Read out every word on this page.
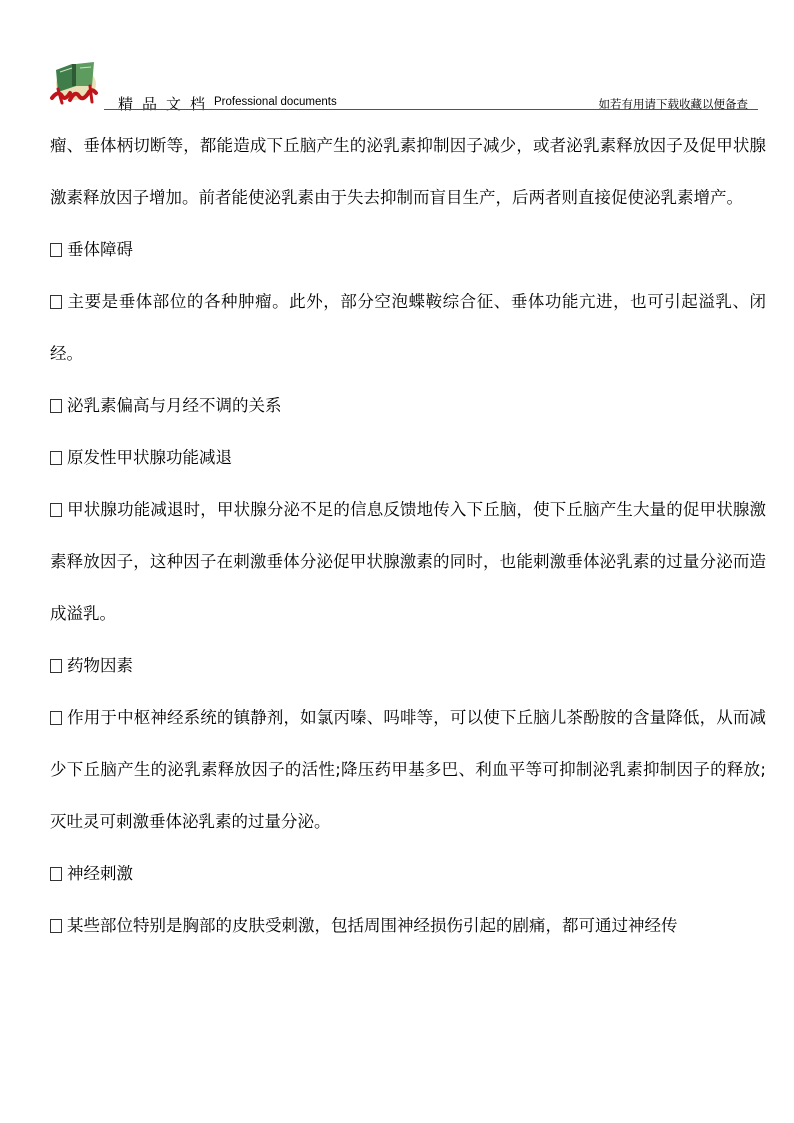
精品文档 Professional documents	如若有用请下载收藏以便备查

瘤、垂体柄切断等，都能造成下丘脑产生的泌乳素抑制因子减少，或者泌乳素释放因子及促甲状腺激素释放因子增加。前者能使泌乳素由于失去抑制而盲目生产，后两者则直接促使泌乳素增产。

垂体障碍

主要是垂体部位的各种肿瘤。此外，部分空泡蝶鞍综合征、垂体功能亢进，也可引起溢乳、闭经。

泌乳素偏高与月经不调的关系

原发性甲状腺功能减退

甲状腺功能减退时，甲状腺分泌不足的信息反馈地传入下丘脑，使下丘脑产生大量的促甲状腺激素释放因子，这种因子在刺激垂体分泌促甲状腺激素的同时，也能刺激垂体泌乳素的过量分泌而造成溢乳。

药物因素

作用于中枢神经系统的镇静剂，如氯丙嗪、吗啡等，可以使下丘脑儿茶酚胺的含量降低，从而减少下丘脑产生的泌乳素释放因子的活性;降压药甲基多巴、利血平等可抑制泌乳素抑制因子的释放;灭吐灵可刺激垂体泌乳素的过量分泌。

神经刺激

某些部位特别是胸部的皮肤受刺激，包括周围神经损伤引起的剧痛，都可通过神经传
